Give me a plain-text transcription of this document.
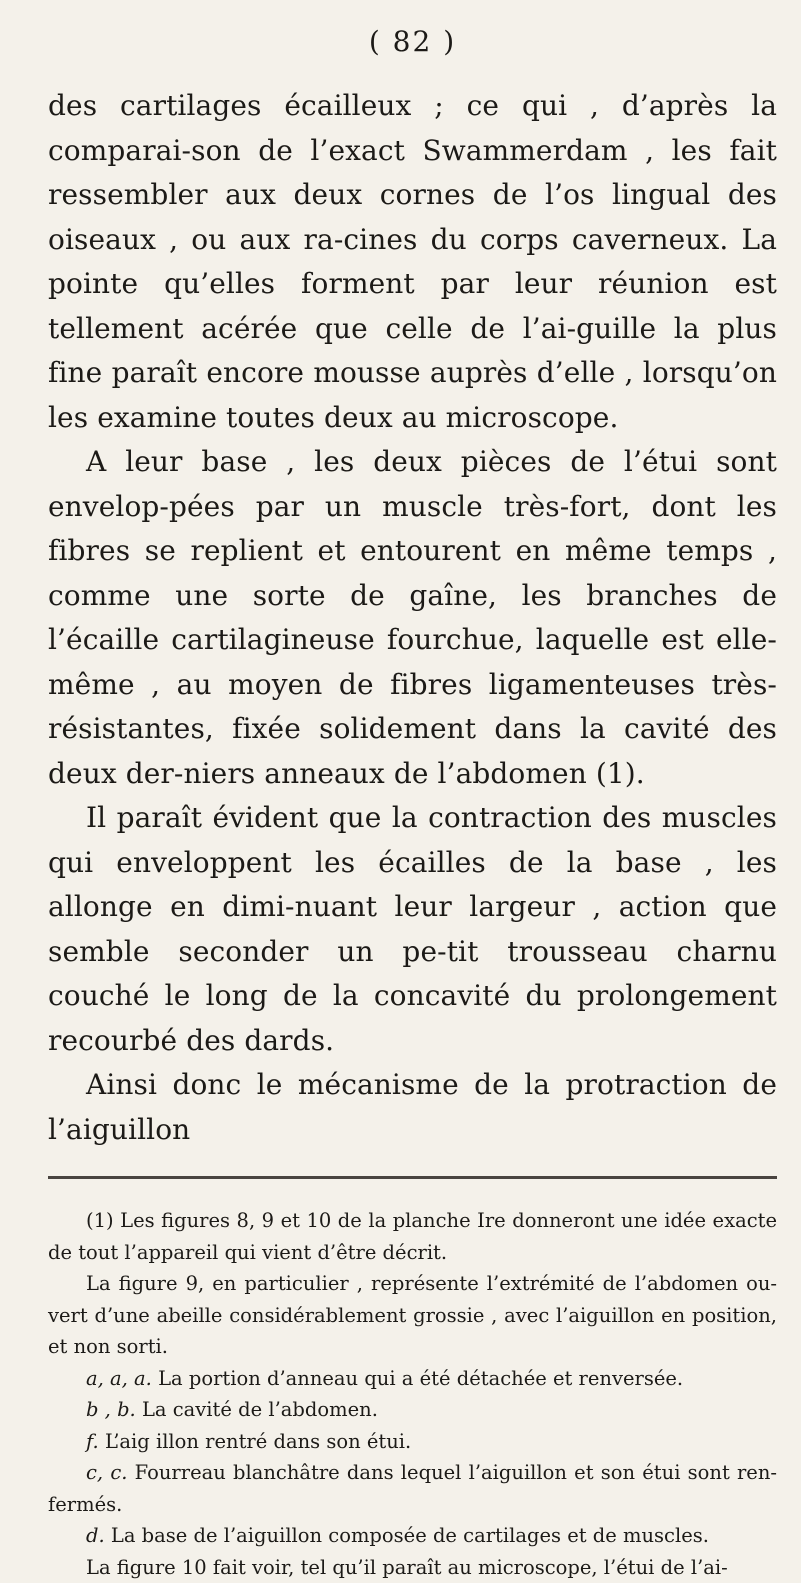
( 82 )

des cartilages écailleux ; ce qui , d’après la comparai-son de l’exact Swammerdam , les fait ressembler aux deux cornes de l’os lingual des oiseaux , ou aux ra-cines du corps caverneux. La pointe qu’elles forment par leur réunion est tellement acérée que celle de l’ai-guille la plus fine paraît encore mousse auprès d’elle , lorsqu’on les examine toutes deux au microscope.

A leur base , les deux pièces de l’étui sont envelop-pées par un muscle très-fort, dont les fibres se replient et entourent en même temps , comme une sorte de gaîne, les branches de l’écaille cartilagineuse fourchue, laquelle est elle-même , au moyen de fibres ligamenteuses très-résistantes, fixée solidement dans la cavité des deux der-niers anneaux de l’abdomen (1).

Il paraît évident que la contraction des muscles qui enveloppent les écailles de la base , les allonge en dimi-nuant leur largeur , action que semble seconder un pe-tit trousseau charnu couché le long de la concavité du prolongement recourbé des dards.

Ainsi donc le mécanisme de la protraction de l’aiguillon

(1) Les figures 8, 9 et 10 de la planche Ire donneront une idée exacte de tout l’appareil qui vient d’être décrit.

La figure 9, en particulier , représente l’extrémité de l’abdomen ou-vert d’une abeille considérablement grossie , avec l’aiguillon en position, et non sorti.

a, a, a. La portion d’anneau qui a été détachée et renversée.

b , b. La cavité de l’abdomen.

f. L’aig illon rentré dans son étui.

c, c. Fourreau blanchâtre dans lequel l’aiguillon et son étui sont ren-fermés.

d. La base de l’aiguillon composée de cartilages et de muscles.

La figure 10 fait voir, tel qu’il paraît au microscope, l’étui de l’ai-
